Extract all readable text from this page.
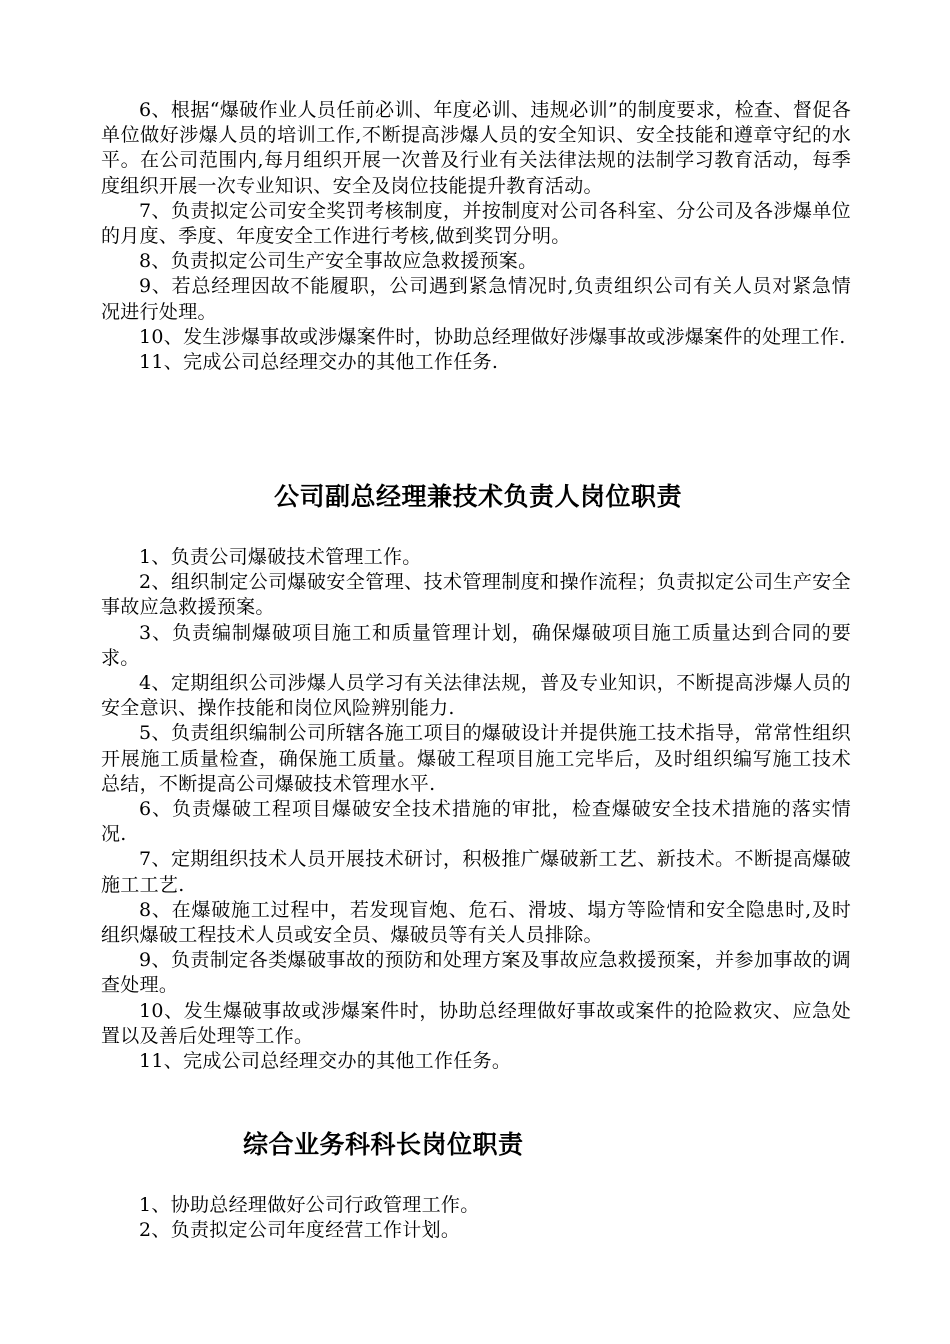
6、根据“爆破作业人员任前必训、年度必训、违规必训”的制度要求，检查、督促各单位做好涉爆人员的培训工作,不断提高涉爆人员的安全知识、安全技能和遵章守纪的水平。在公司范围内,每月组织开展一次普及行业有关法律法规的法制学习教育活动，每季度组织开展一次专业知识、安全及岗位技能提升教育活动。

7、负责拟定公司安全奖罚考核制度，并按制度对公司各科室、分公司及各涉爆单位的月度、季度、年度安全工作进行考核,做到奖罚分明。

8、负责拟定公司生产安全事故应急救援预案。

9、若总经理因故不能履职，公司遇到紧急情况时,负责组织公司有关人员对紧急情况进行处理。

10、发生涉爆事故或涉爆案件时，协助总经理做好涉爆事故或涉爆案件的处理工作.

11、完成公司总经理交办的其他工作任务.

公司副总经理兼技术负责人岗位职责

1、负责公司爆破技术管理工作。

2、组织制定公司爆破安全管理、技术管理制度和操作流程；负责拟定公司生产安全事故应急救援预案。

3、负责编制爆破项目施工和质量管理计划，确保爆破项目施工质量达到合同的要求。

4、定期组织公司涉爆人员学习有关法律法规，普及专业知识，不断提高涉爆人员的安全意识、操作技能和岗位风险辨别能力.

5、负责组织编制公司所辖各施工项目的爆破设计并提供施工技术指导，常常性组织开展施工质量检查，确保施工质量。爆破工程项目施工完毕后，及时组织编写施工技术总结，不断提高公司爆破技术管理水平.

6、负责爆破工程项目爆破安全技术措施的审批，检查爆破安全技术措施的落实情况.

7、定期组织技术人员开展技术研讨，积极推广爆破新工艺、新技术。不断提高爆破施工工艺.

8、在爆破施工过程中，若发现盲炮、危石、滑坡、塌方等险情和安全隐患时,及时组织爆破工程技术人员或安全员、爆破员等有关人员排除。

9、负责制定各类爆破事故的预防和处理方案及事故应急救援预案，并参加事故的调查处理。

10、发生爆破事故或涉爆案件时，协助总经理做好事故或案件的抢险救灾、应急处置以及善后处理等工作。

11、完成公司总经理交办的其他工作任务。

综合业务科科长岗位职责

1、协助总经理做好公司行政管理工作。

2、负责拟定公司年度经营工作计划。
